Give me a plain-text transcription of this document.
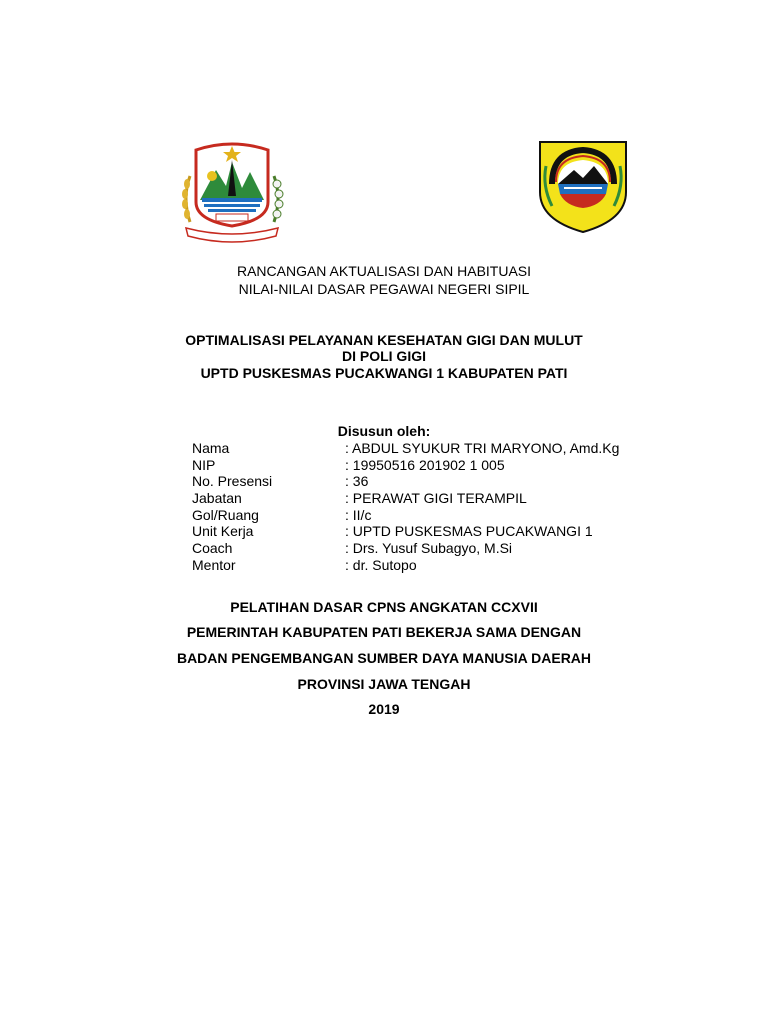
RANCANGAN AKTUALISASI DAN HABITUASI
NILAI-NILAI DASAR PEGAWAI NEGERI SIPIL
OPTIMALISASI PELAYANAN KESEHATAN GIGI DAN MULUT
DI POLI GIGI
UPTD PUSKESMAS PUCAKWANGI 1 KABUPATEN PATI
Disusun oleh:
Nama	: ABDUL SYUKUR TRI MARYONO, Amd.Kg
NIP	: 19950516 201902 1 005
No. Presensi	: 36
Jabatan	: PERAWAT GIGI TERAMPIL
Gol/Ruang	: II/c
Unit Kerja	: UPTD PUSKESMAS PUCAKWANGI 1
Coach	: Drs. Yusuf Subagyo, M.Si
Mentor	: dr. Sutopo
PELATIHAN DASAR CPNS ANGKATAN CCXVII
PEMERINTAH KABUPATEN PATI BEKERJA SAMA DENGAN
BADAN PENGEMBANGAN SUMBER DAYA MANUSIA DAERAH
PROVINSI JAWA TENGAH
2019
